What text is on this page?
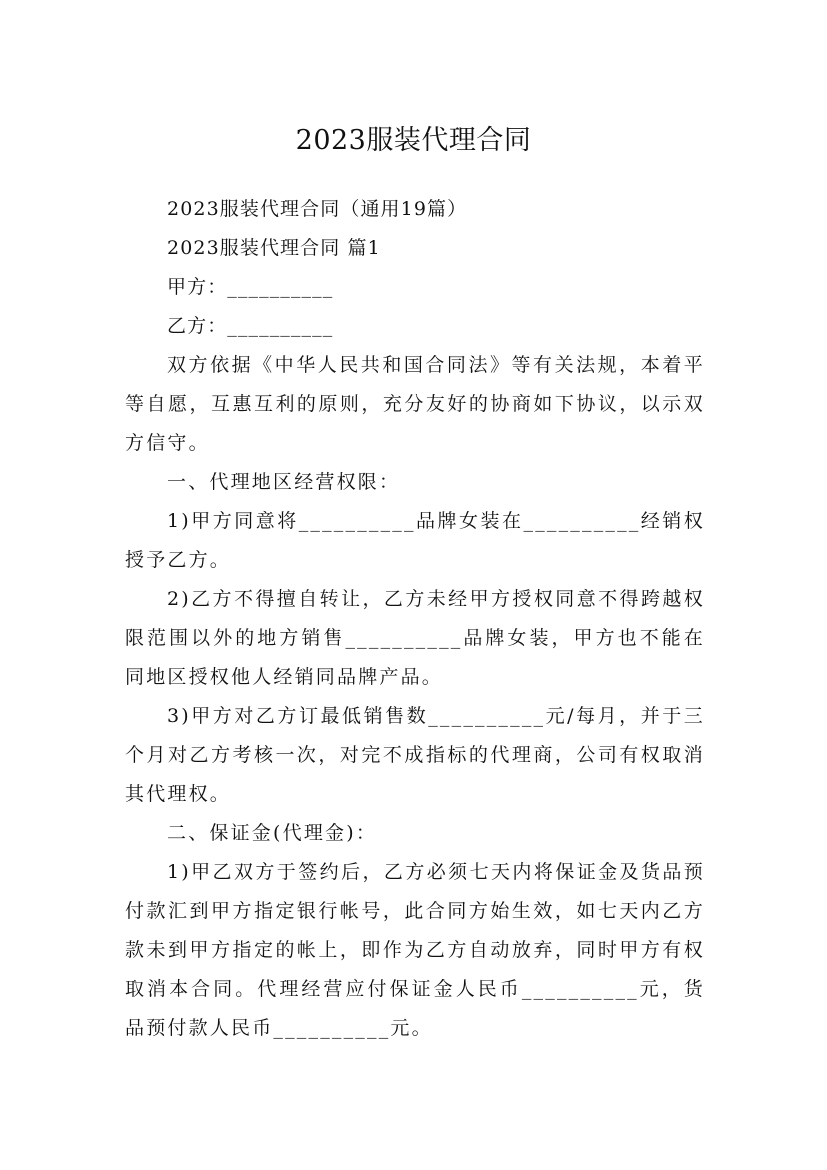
2023服装代理合同

2023服装代理合同（通用19篇）

2023服装代理合同 篇1

甲方：__________

乙方：__________

双方依据《中华人民共和国合同法》等有关法规，本着平等自愿，互惠互利的原则，充分友好的协商如下协议，以示双方信守。

一、代理地区经营权限：

1)甲方同意将__________品牌女装在__________经销权授予乙方。

2)乙方不得擅自转让，乙方未经甲方授权同意不得跨越权限范围以外的地方销售__________品牌女装，甲方也不能在同地区授权他人经销同品牌产品。

3)甲方对乙方订最低销售数__________元/每月，并于三个月对乙方考核一次，对完不成指标的代理商，公司有权取消其代理权。

二、保证金(代理金)：

1)甲乙双方于签约后，乙方必须七天内将保证金及货品预付款汇到甲方指定银行帐号，此合同方始生效，如七天内乙方款未到甲方指定的帐上，即作为乙方自动放弃，同时甲方有权取消本合同。代理经营应付保证金人民币__________元，货品预付款人民币__________元。
